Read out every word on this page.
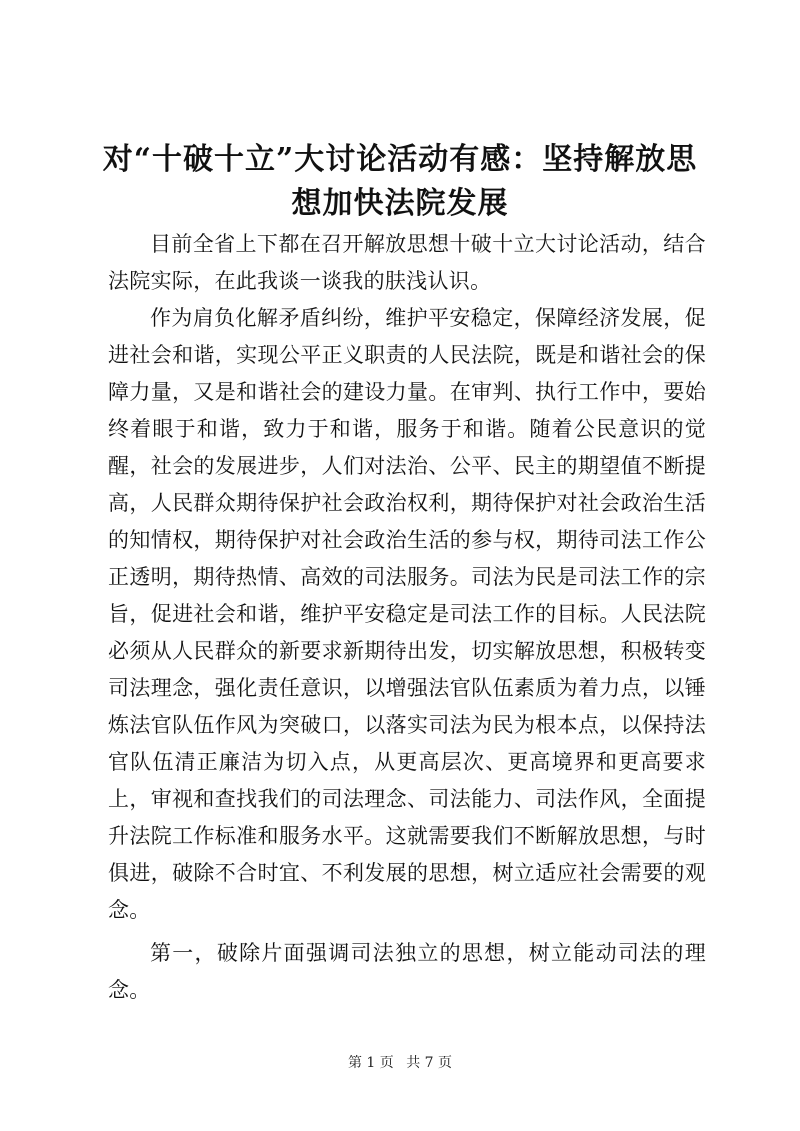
对“十破十立”大讨论活动有感：坚持解放思想加快法院发展

目前全省上下都在召开解放思想十破十立大讨论活动，结合法院实际，在此我谈一谈我的肤浅认识。

作为肩负化解矛盾纠纷，维护平安稳定，保障经济发展，促进社会和谐，实现公平正义职责的人民法院，既是和谐社会的保障力量，又是和谐社会的建设力量。在审判、执行工作中，要始终着眼于和谐，致力于和谐，服务于和谐。随着公民意识的觉醒，社会的发展进步，人们对法治、公平、民主的期望值不断提高，人民群众期待保护社会政治权利，期待保护对社会政治生活的知情权，期待保护对社会政治生活的参与权，期待司法工作公正透明，期待热情、高效的司法服务。司法为民是司法工作的宗旨，促进社会和谐，维护平安稳定是司法工作的目标。人民法院必须从人民群众的新要求新期待出发，切实解放思想，积极转变司法理念，强化责任意识，以增强法官队伍素质为着力点，以锤炼法官队伍作风为突破口，以落实司法为民为根本点，以保持法官队伍清正廉洁为切入点，从更高层次、更高境界和更高要求上，审视和查找我们的司法理念、司法能力、司法作风，全面提升法院工作标准和服务水平。这就需要我们不断解放思想，与时俱进，破除不合时宜、不利发展的思想，树立适应社会需要的观念。

第一，破除片面强调司法独立的思想，树立能动司法的理念。

第 1 页 共 7 页
